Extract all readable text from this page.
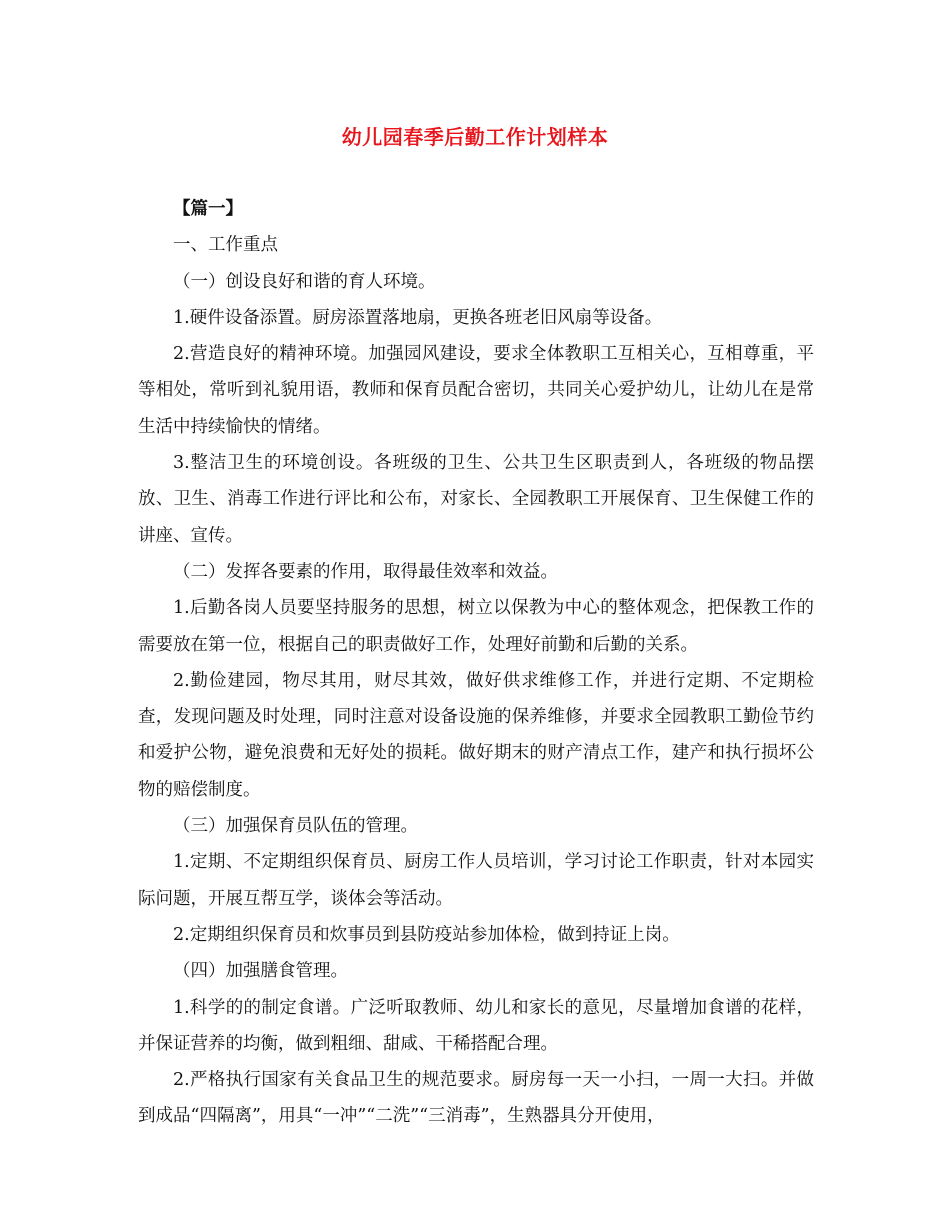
幼儿园春季后勤工作计划样本

【篇一】

一、工作重点

（一）创设良好和谐的育人环境。

1.硬件设备添置。厨房添置落地扇，更换各班老旧风扇等设备。

2.营造良好的精神环境。加强园风建设，要求全体教职工互相关心，互相尊重，平等相处，常听到礼貌用语，教师和保育员配合密切，共同关心爱护幼儿，让幼儿在是常生活中持续愉快的情绪。

3.整洁卫生的环境创设。各班级的卫生、公共卫生区职责到人，各班级的物品摆放、卫生、消毒工作进行评比和公布，对家长、全园教职工开展保育、卫生保健工作的讲座、宣传。

（二）发挥各要素的作用，取得最佳效率和效益。

1.后勤各岗人员要坚持服务的思想，树立以保教为中心的整体观念，把保教工作的需要放在第一位，根据自己的职责做好工作，处理好前勤和后勤的关系。

2.勤俭建园，物尽其用，财尽其效，做好供求维修工作，并进行定期、不定期检查，发现问题及时处理，同时注意对设备设施的保养维修，并要求全园教职工勤俭节约和爱护公物，避免浪费和无好处的损耗。做好期末的财产清点工作，建产和执行损坏公物的赔偿制度。

（三）加强保育员队伍的管理。

1.定期、不定期组织保育员、厨房工作人员培训，学习讨论工作职责，针对本园实际问题，开展互帮互学，谈体会等活动。

2.定期组织保育员和炊事员到县防疫站参加体检，做到持证上岗。

（四）加强膳食管理。

1.科学的的制定食谱。广泛听取教师、幼儿和家长的意见，尽量增加食谱的花样，并保证营养的均衡，做到粗细、甜咸、干稀搭配合理。

2.严格执行国家有关食品卫生的规范要求。厨房每一天一小扫，一周一大扫。并做到成品“四隔离”，用具“一冲”“二洗”“三消毒”，生熟器具分开使用，
